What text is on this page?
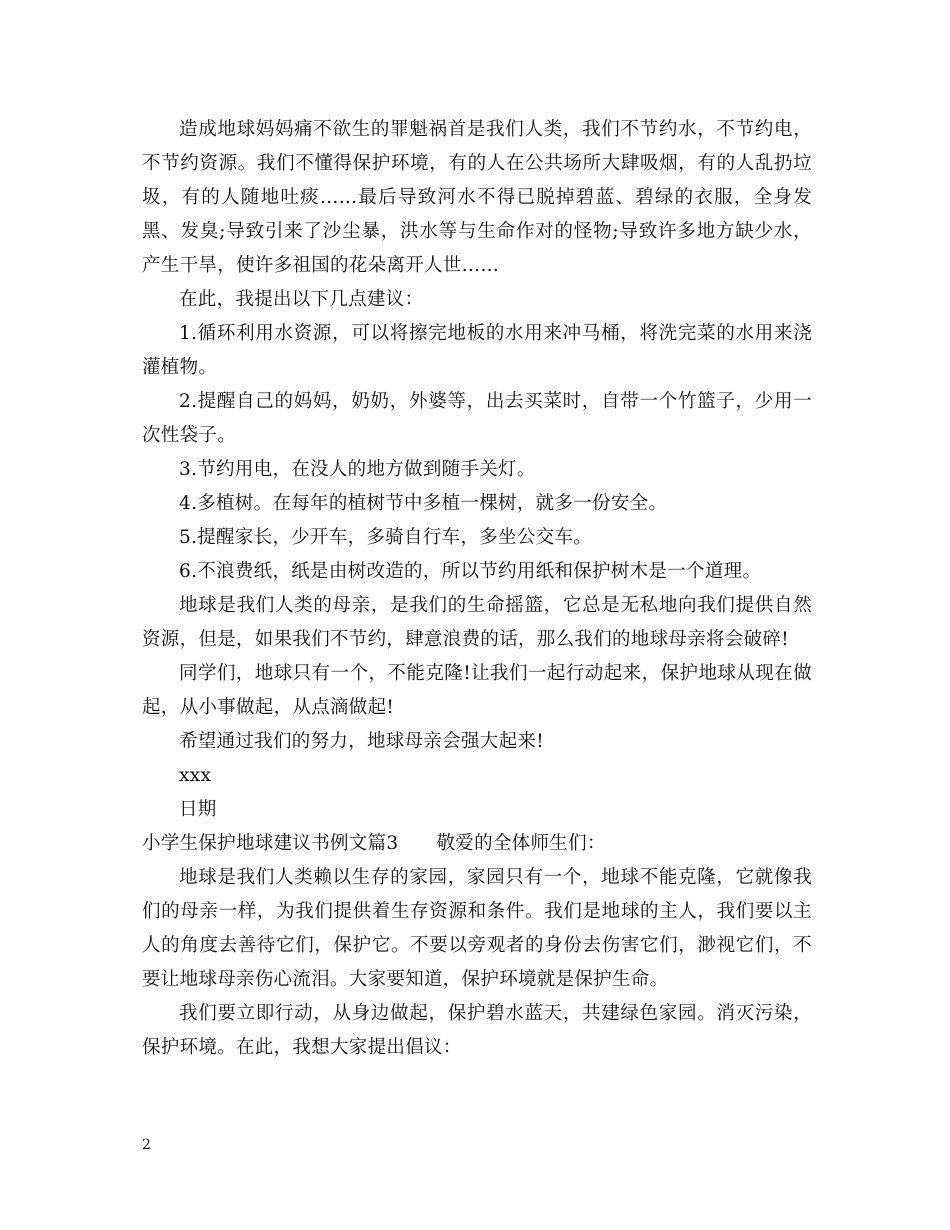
造成地球妈妈痛不欲生的罪魁祸首是我们人类，我们不节约水，不节约电，不节约资源。我们不懂得保护环境，有的人在公共场所大肆吸烟，有的人乱扔垃圾，有的人随地吐痰……最后导致河水不得已脱掉碧蓝、碧绿的衣服，全身发黑、发臭;导致引来了沙尘暴，洪水等与生命作对的怪物;导致许多地方缺少水，产生干旱，使许多祖国的花朵离开人世……

在此，我提出以下几点建议：

1.循环利用水资源，可以将擦完地板的水用来冲马桶，将洗完菜的水用来浇灌植物。

2.提醒自己的妈妈，奶奶，外婆等，出去买菜时，自带一个竹篮子，少用一次性袋子。

3.节约用电，在没人的地方做到随手关灯。

4.多植树。在每年的植树节中多植一棵树，就多一份安全。

5.提醒家长，少开车，多骑自行车，多坐公交车。

6.不浪费纸，纸是由树改造的，所以节约用纸和保护树木是一个道理。

地球是我们人类的母亲，是我们的生命摇篮，它总是无私地向我们提供自然资源，但是，如果我们不节约，肆意浪费的话，那么我们的地球母亲将会破碎!

同学们，地球只有一个，不能克隆!让我们一起行动起来，保护地球从现在做起，从小事做起，从点滴做起!

希望通过我们的努力，地球母亲会强大起来!

xxx

日期

小学生保护地球建议书例文篇3 敬爱的全体师生们：

地球是我们人类赖以生存的家园，家园只有一个，地球不能克隆，它就像我们的母亲一样，为我们提供着生存资源和条件。我们是地球的主人，我们要以主人的角度去善待它们，保护它。不要以旁观者的身份去伤害它们，渺视它们，不要让地球母亲伤心流泪。大家要知道，保护环境就是保护生命。

我们要立即行动，从身边做起，保护碧水蓝天，共建绿色家园。消灭污染，保护环境。在此，我想大家提出倡议：

2
